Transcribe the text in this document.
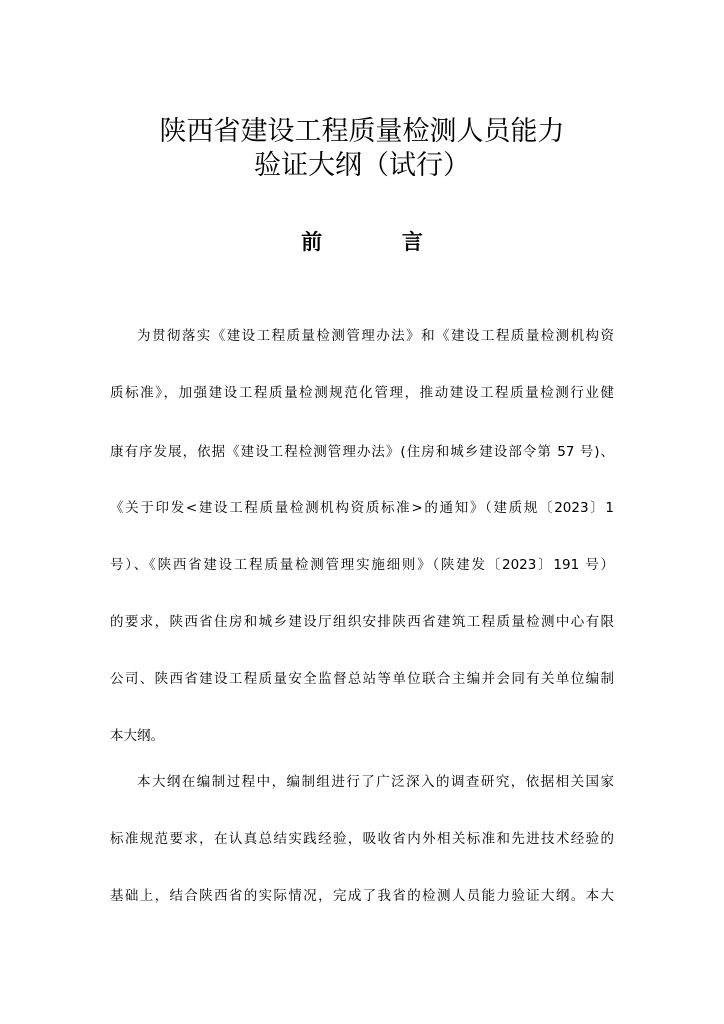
陕西省建设工程质量检测人员能力
验证大纲（试行）
前　言
为贯彻落实《建设工程质量检测管理办法》和《建设工程质量检测机构资
质标准》，加强建设工程质量检测规范化管理，推动建设工程质量检测行业健
康有序发展，依据《建设工程检测管理办法》(住房和城乡建设部令第 57 号)、
《关于印发<建设工程质量检测机构资质标准>的通知》（建质规〔2023〕1
号）、《陕西省建设工程质量检测管理实施细则》（陕建发〔2023〕191 号）
的要求，陕西省住房和城乡建设厅组织安排陕西省建筑工程质量检测中心有限
公司、陕西省建设工程质量安全监督总站等单位联合主编并会同有关单位编制
本大纲。
本大纲在编制过程中，编制组进行了广泛深入的调查研究，依据相关国家
标准规范要求，在认真总结实践经验，吸收省内外相关标准和先进技术经验的
基础上，结合陕西省的实际情况，完成了我省的检测人员能力验证大纲。本大
